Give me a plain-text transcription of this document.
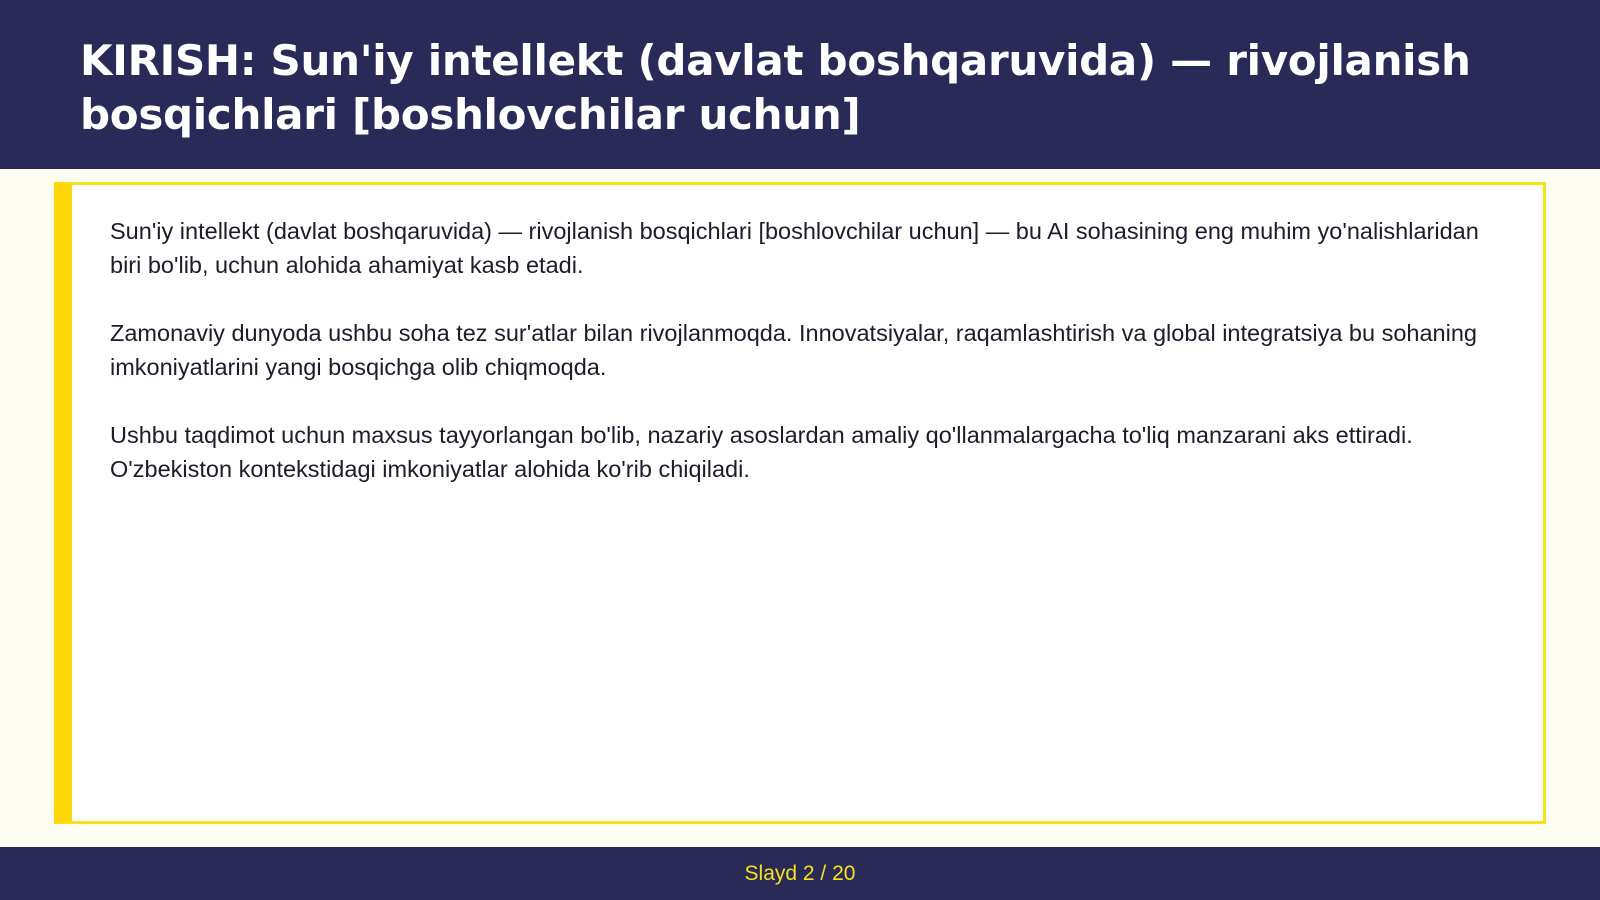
KIRISH: Sun'iy intellekt (davlat boshqaruvida) — rivojlanish bosqichlari [boshlovchilar uchun]

Sun'iy intellekt (davlat boshqaruvida) — rivojlanish bosqichlari [boshlovchilar uchun] — bu AI sohasining eng muhim yo'nalishlaridan biri bo'lib, uchun alohida ahamiyat kasb etadi.

Zamonaviy dunyoda ushbu soha tez sur'atlar bilan rivojlanmoqda. Innovatsiyalar, raqamlashtirish va global integratsiya bu sohaning imkoniyatlarini yangi bosqichga olib chiqmoqda.

Ushbu taqdimot uchun maxsus tayyorlangan bo'lib, nazariy asoslardan amaliy qo'llanmalargacha to'liq manzarani aks ettiradi. O'zbekiston kontekstidagi imkoniyatlar alohida ko'rib chiqiladi.

Slayd 2 / 20
